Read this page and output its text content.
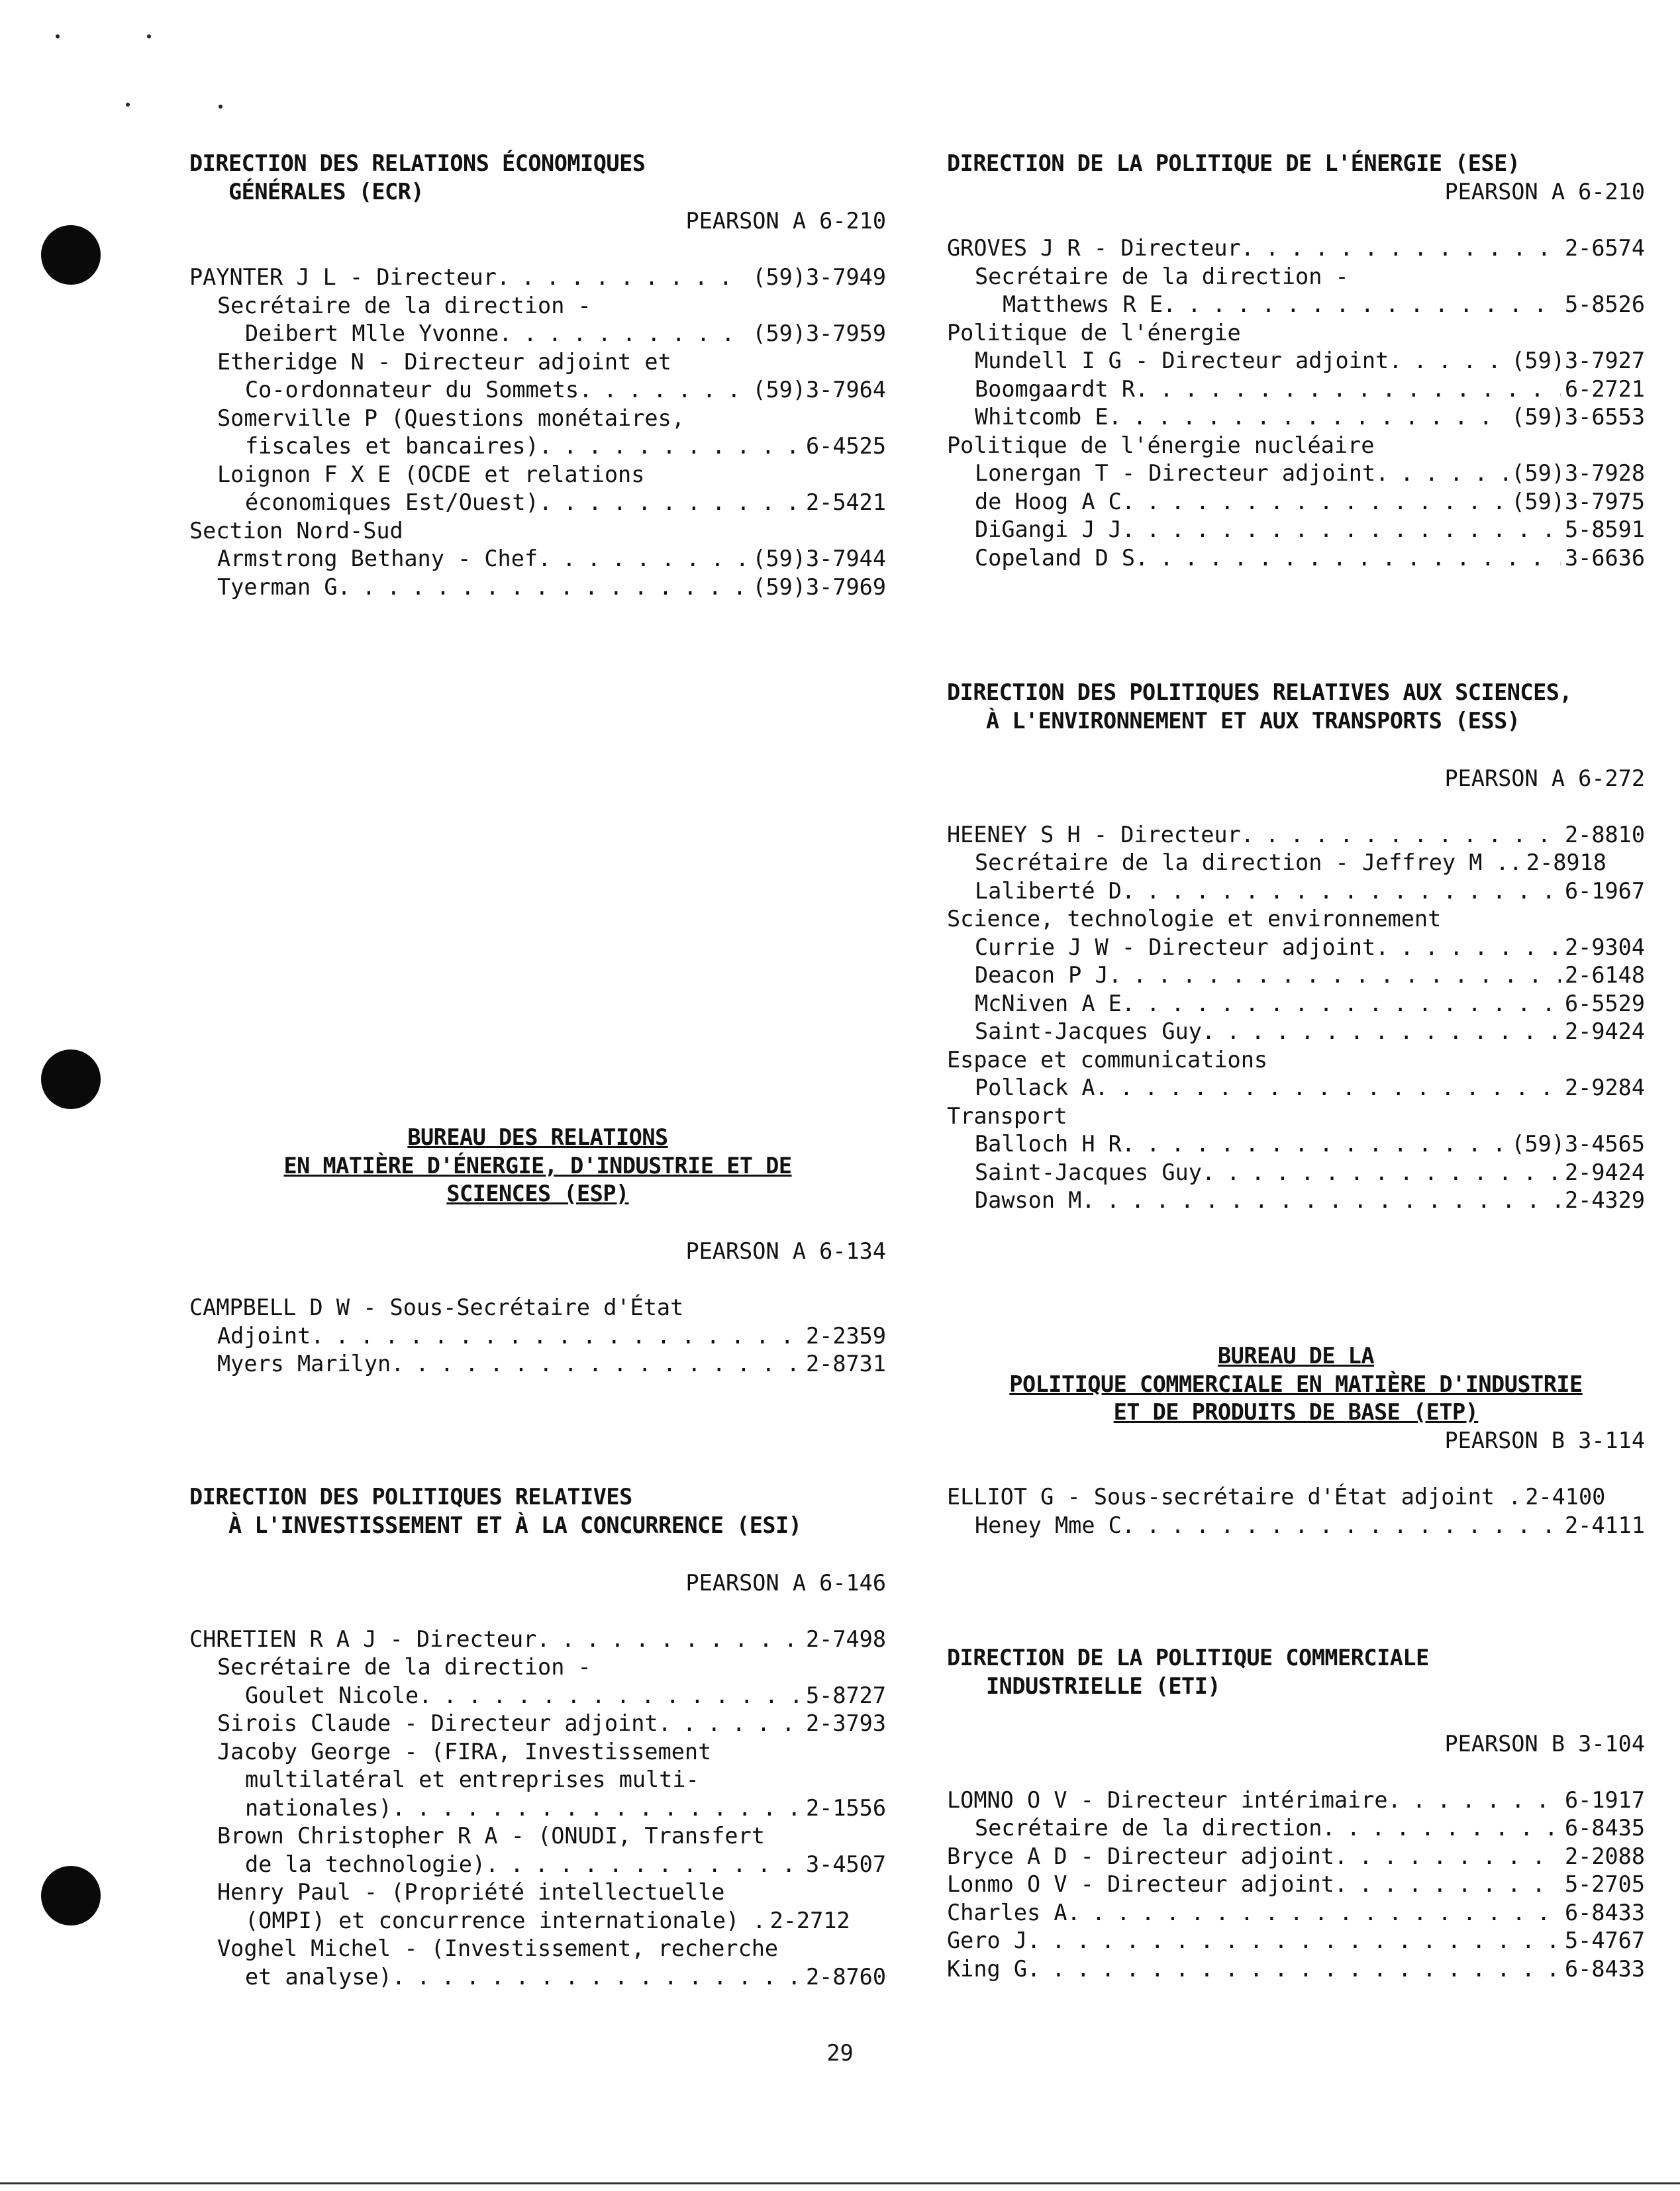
DIRECTION DES RELATIONS ÉCONOMIQUES
GÉNÉRALES (ECR)
PEARSON A 6-210
PAYNTER J L - Directeur . . .	(59)3-7949
Secrétaire de la direction -
Deibert Mlle Yvonne . . .	(59)3-7959
Etheridge N - Directeur adjoint et
Co-ordonnateur du Sommets . . .	(59)3-7964
Somerville P (Questions monétaires,
fiscales et bancaires) . . .	6-4525
Loignon F X E (OCDE et relations
économiques Est/Ouest) . . .	2-5421
Section Nord-Sud
Armstrong Bethany - Chef . . .	(59)3-7944
Tyerman G . . .	(59)3-7969
BUREAU DES RELATIONS
EN MATIÈRE D'ÉNERGIE, D'INDUSTRIE ET DE
SCIENCES (ESP)
PEARSON A 6-134
CAMPBELL D W - Sous-Secrétaire d'État
Adjoint . . .	2-2359
Myers Marilyn . . .	2-8731
DIRECTION DES POLITIQUES RELATIVES
À L'INVESTISSEMENT ET À LA CONCURRENCE (ESI)
PEARSON A 6-146
CHRETIEN R A J - Directeur . . .	2-7498
Secrétaire de la direction -
Goulet Nicole . . .	5-8727
Sirois Claude - Directeur adjoint . . .	2-3793
Jacoby George - (FIRA, Investissement
multilatéral et entreprises multi-
nationales) . . .	2-1556
Brown Christopher R A - (ONUDI, Transfert
de la technologie) . . .	3-4507
Henry Paul - (Propriété intellectuelle
(OMPI) et concurrence internationale) . 2-2712
Voghel Michel - (Investissement, recherche
et analyse) . . .	2-8760
DIRECTION DE LA POLITIQUE DE L'ÉNERGIE (ESE)
PEARSON A 6-210
GROVES J R - Directeur . . .	2-6574
Secrétaire de la direction -
Matthews R E . . .	5-8526
Politique de l'énergie
Mundell I G - Directeur adjoint . . .	(59)3-7927
Boomgaardt R . . .	6-2721
Whitcomb E . . .	(59)3-6553
Politique de l'énergie nucléaire
Lonergan T - Directeur adjoint . . .	(59)3-7928
de Hoog A C . . .	(59)3-7975
DiGangi J J . . .	5-8591
Copeland D S . . .	3-6636
DIRECTION DES POLITIQUES RELATIVES AUX SCIENCES,
À L'ENVIRONNEMENT ET AUX TRANSPORTS (ESS)
PEARSON A 6-272
HEENEY S H - Directeur . . .	2-8810
Secrétaire de la direction - Jeffrey M .. 2-8918
Laliberté D . . .	6-1967
Science, technologie et environnement
Currie J W - Directeur adjoint . . .	2-9304
Deacon P J . . .	2-6148
McNiven A E . . .	6-5529
Saint-Jacques Guy . . .	2-9424
Espace et communications
Pollack A . . .	2-9284
Transport
Balloch H R . . .	(59)3-4565
Saint-Jacques Guy . . .	2-9424
Dawson M . . .	2-4329
BUREAU DE LA
POLITIQUE COMMERCIALE EN MATIÈRE D'INDUSTRIE
ET DE PRODUITS DE BASE (ETP)
PEARSON B 3-114
ELLIOT G - Sous-secrétaire d'État adjoint . 2-4100
Heney Mme C . . .	2-4111
DIRECTION DE LA POLITIQUE COMMERCIALE
INDUSTRIELLE (ETI)
PEARSON B 3-104
LOMNO O V - Directeur intérimaire . . .	6-1917
Secrétaire de la direction . . .	6-8435
Bryce A D - Directeur adjoint . . .	2-2088
Lonmo O V - Directeur adjoint . . .	5-2705
Charles A . . .	6-8433
Gero J . . .	5-4767
King G . . .	6-8433
29
